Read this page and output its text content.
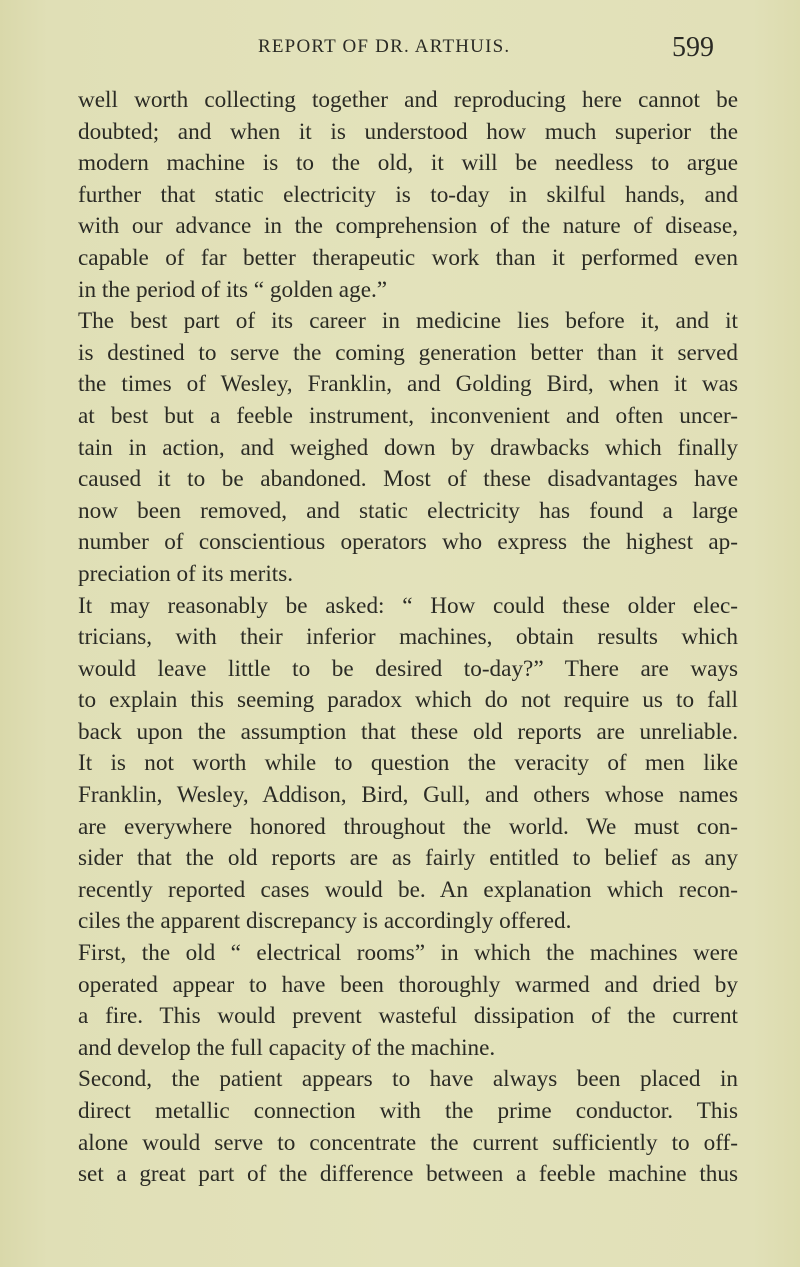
REPORT OF DR. ARTHUIS.	599
well worth collecting together and reproducing here cannot be
doubted; and when it is understood how much superior the
modern machine is to the old, it will be needless to argue
further that static electricity is to-day in skilful hands, and
with our advance in the comprehension of the nature of disease,
capable of far better therapeutic work than it performed even
in the period of its “ golden age.”
The best part of its career in medicine lies before it, and it
is destined to serve the coming generation better than it served
the times of Wesley, Franklin, and Golding Bird, when it was
at best but a feeble instrument, inconvenient and often uncer-
tain in action, and weighed down by drawbacks which finally
caused it to be abandoned. Most of these disadvantages have
now been removed, and static electricity has found a large
number of conscientious operators who express the highest ap-
preciation of its merits.
It may reasonably be asked: “ How could these older elec-
tricians, with their inferior machines, obtain results which
would leave little to be desired to-day?” There are ways
to explain this seeming paradox which do not require us to fall
back upon the assumption that these old reports are unreliable.
It is not worth while to question the veracity of men like
Franklin, Wesley, Addison, Bird, Gull, and others whose names
are everywhere honored throughout the world. We must con-
sider that the old reports are as fairly entitled to belief as any
recently reported cases would be. An explanation which recon-
ciles the apparent discrepancy is accordingly offered.
First, the old “ electrical rooms” in which the machines were
operated appear to have been thoroughly warmed and dried by
a fire. This would prevent wasteful dissipation of the current
and develop the full capacity of the machine.
Second, the patient appears to have always been placed in
direct metallic connection with the prime conductor. This
alone would serve to concentrate the current sufficiently to off-
set a great part of the difference between a feeble machine thus
